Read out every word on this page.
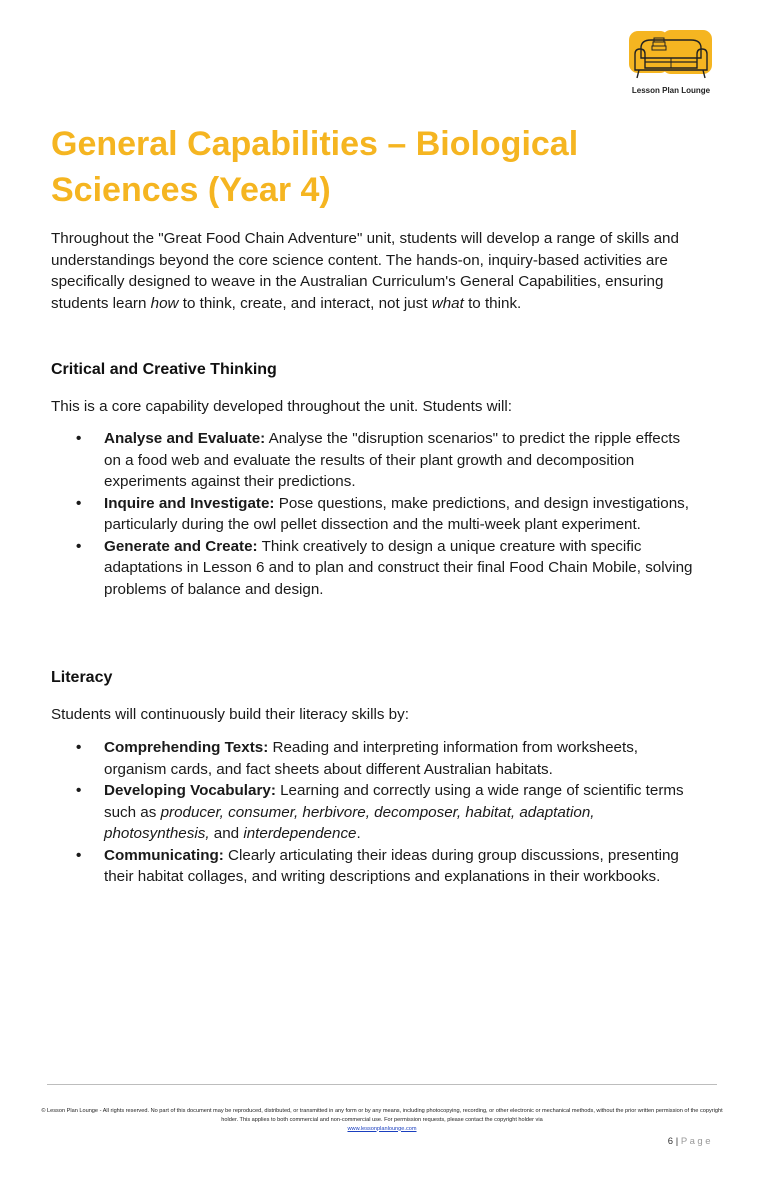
Lesson Plan Lounge
General Capabilities – Biological Sciences (Year 4)

Throughout the "Great Food Chain Adventure" unit, students will develop a range of skills and understandings beyond the core science content. The hands-on, inquiry-based activities are specifically designed to weave in the Australian Curriculum's General Capabilities, ensuring students learn how to think, create, and interact, not just what to think.

Critical and Creative Thinking

This is a core capability developed throughout the unit. Students will:

• Analyse and Evaluate: Analyse the "disruption scenarios" to predict the ripple effects on a food web and evaluate the results of their plant growth and decomposition experiments against their predictions.
• Inquire and Investigate: Pose questions, make predictions, and design investigations, particularly during the owl pellet dissection and the multi-week plant experiment.
• Generate and Create: Think creatively to design a unique creature with specific adaptations in Lesson 6 and to plan and construct their final Food Chain Mobile, solving problems of balance and design.
Literacy

Students will continuously build their literacy skills by:

• Comprehending Texts: Reading and interpreting information from worksheets, organism cards, and fact sheets about different Australian habitats.
• Developing Vocabulary: Learning and correctly using a wide range of scientific terms such as producer, consumer, herbivore, decomposer, habitat, adaptation, photosynthesis, and interdependence.
• Communicating: Clearly articulating their ideas during group discussions, presenting their habitat collages, and writing descriptions and explanations in their workbooks.
© Lesson Plan Lounge - All rights reserved. No part of this document may be reproduced, distributed, or transmitted in any form or by any means, including photocopying, recording, or other electronic or mechanical methods, without the prior written permission of the copyright holder. This applies to both commercial and non-commercial use. For permission requests, please contact the copyright holder via
www.lessonplanlounge.com
6 | Page
